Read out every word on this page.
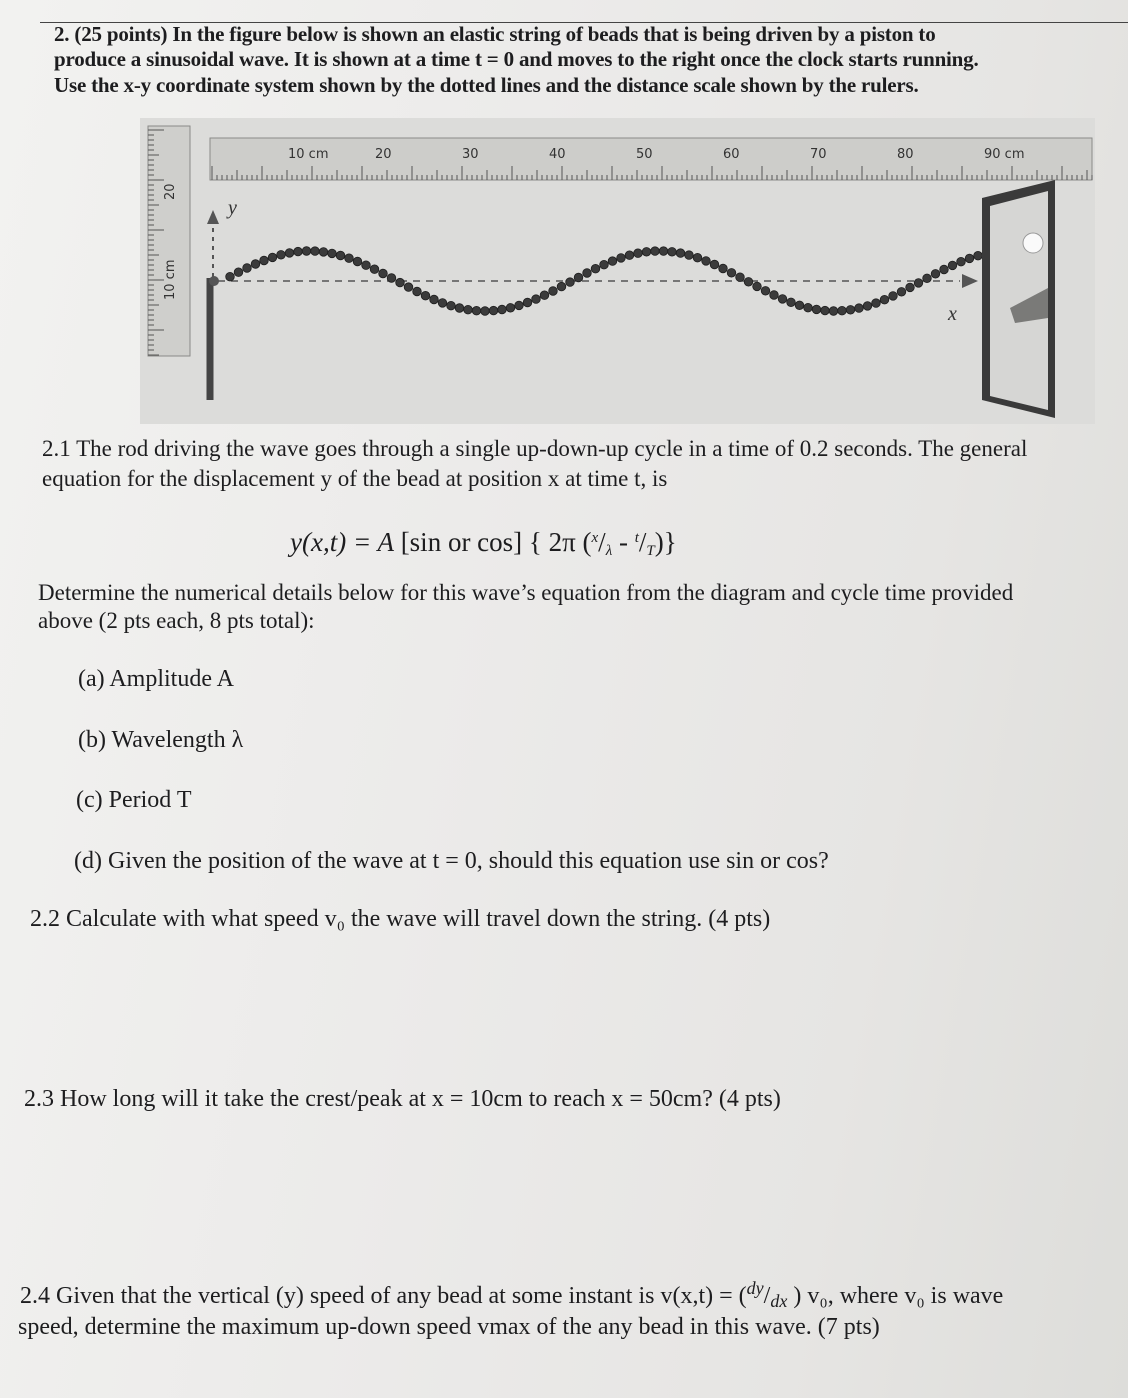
2. (25 points) In the figure below is shown an elastic string of beads that is being driven by a piston to
produce a sinusoidal wave. It is shown at a time t = 0 and moves to the right once the clock starts running.
Use the x-y coordinate system shown by the dotted lines and the distance scale shown by the rulers.
10 cm
20
10 cm	20	30	40	50	60	70	80	90 cm
y
x
2.1 The rod driving the wave goes through a single up-down-up cycle in a time of 0.2 seconds. The general
equation for the displacement y of the bead at position x at time t, is
y(x,t) = A [sin or cos] { 2π ($^x$/λ - $^t$/T)}
Determine the numerical details below for this wave’s equation from the diagram and cycle time provided
above (2 pts each, 8 pts total):
(a) Amplitude A
(b) Wavelength λ
(c) Period T
(d) Given the position of the wave at t = 0, should this equation use sin or cos?
2.2 Calculate with what speed v₀ the wave will travel down the string. (4 pts)
2.3 How long will it take the crest/peak at x = 10cm to reach x = 50cm? (4 pts)
2.4 Given that the vertical (y) speed of any bead at some instant is v(x,t) = ($^{dy}$/dx ) v₀, where v₀ is wave
speed, determine the maximum up-down speed vmax of the any bead in this wave. (7 pts)
